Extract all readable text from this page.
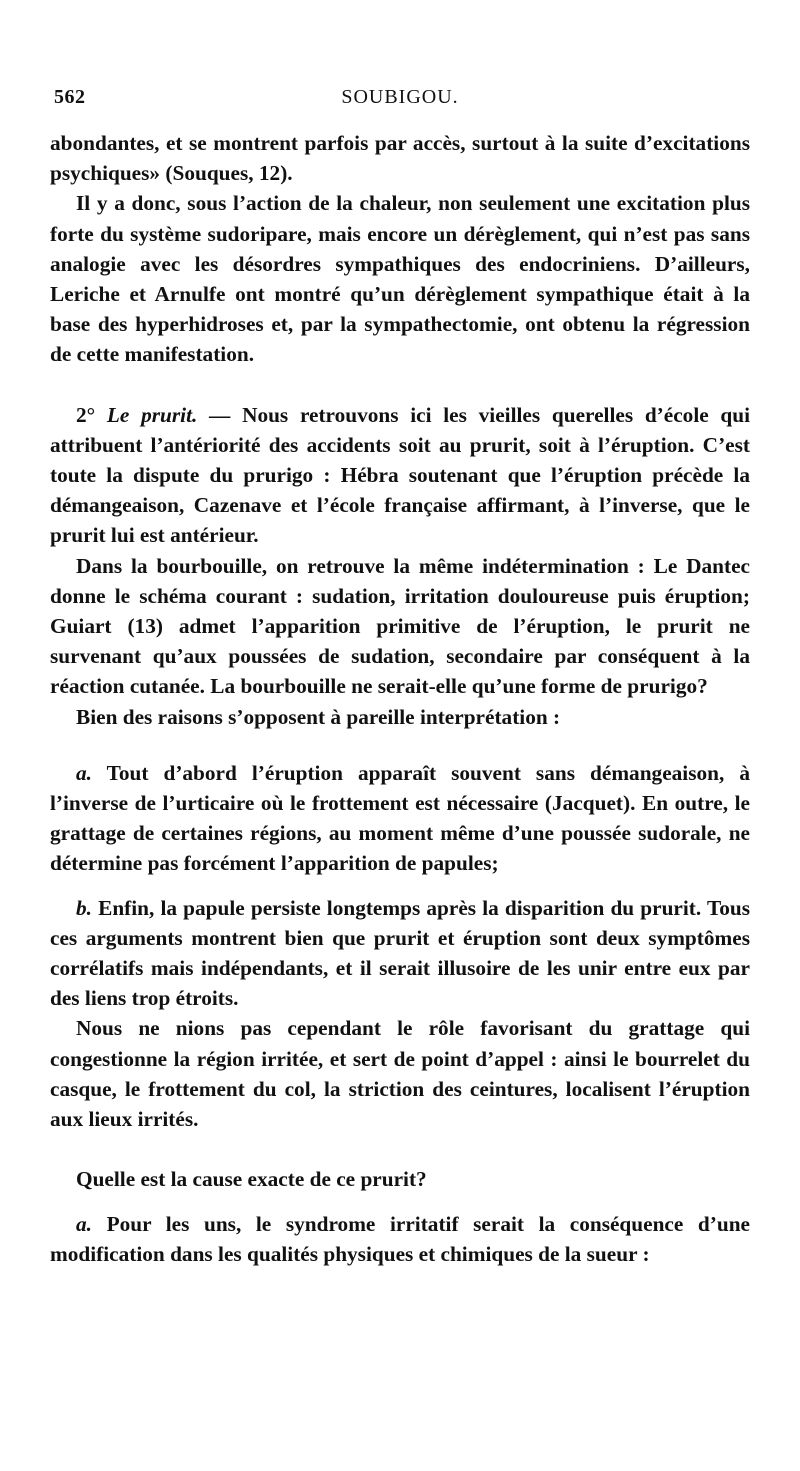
562	SOUBIGOU.

abondantes, et se montrent parfois par accès, surtout à la suite d’excitations psychiques» (Souques, 12).

Il y a donc, sous l’action de la chaleur, non seulement une excitation plus forte du système sudoripare, mais encore un dérèglement, qui n’est pas sans analogie avec les désordres sympathiques des endocriniens. D’ailleurs, Leriche et Arnulfe ont montré qu’un dérèglement sympathique était à la base des hyperhidroses et, par la sympathectomie, ont obtenu la régression de cette manifestation.

2° Le prurit. — Nous retrouvons ici les vieilles querelles d’école qui attribuent l’antériorité des accidents soit au prurit, soit à l’éruption. C’est toute la dispute du prurigo : Hébra soutenant que l’éruption précède la démangeaison, Cazenave et l’école française affirmant, à l’inverse, que le prurit lui est antérieur.

Dans la bourbouille, on retrouve la même indétermination : Le Dantec donne le schéma courant : sudation, irritation douloureuse puis éruption; Guiart (13) admet l’apparition primitive de l’éruption, le prurit ne survenant qu’aux poussées de sudation, secondaire par conséquent à la réaction cutanée. La bourbouille ne serait-elle qu’une forme de prurigo?

Bien des raisons s’opposent à pareille interprétation :

a. Tout d’abord l’éruption apparaît souvent sans démangeaison, à l’inverse de l’urticaire où le frottement est nécessaire (Jacquet). En outre, le grattage de certaines régions, au moment même d’une poussée sudorale, ne détermine pas forcément l’apparition de papules;

b. Enfin, la papule persiste longtemps après la disparition du prurit. Tous ces arguments montrent bien que prurit et éruption sont deux symptômes corrélatifs mais indépendants, et il serait illusoire de les unir entre eux par des liens trop étroits.

Nous ne nions pas cependant le rôle favorisant du grattage qui congestionne la région irritée, et sert de point d’appel : ainsi le bourrelet du casque, le frottement du col, la striction des ceintures, localisent l’éruption aux lieux irrités.

Quelle est la cause exacte de ce prurit?

a. Pour les uns, le syndrome irritatif serait la conséquence d’une modification dans les qualités physiques et chimiques de la sueur :
